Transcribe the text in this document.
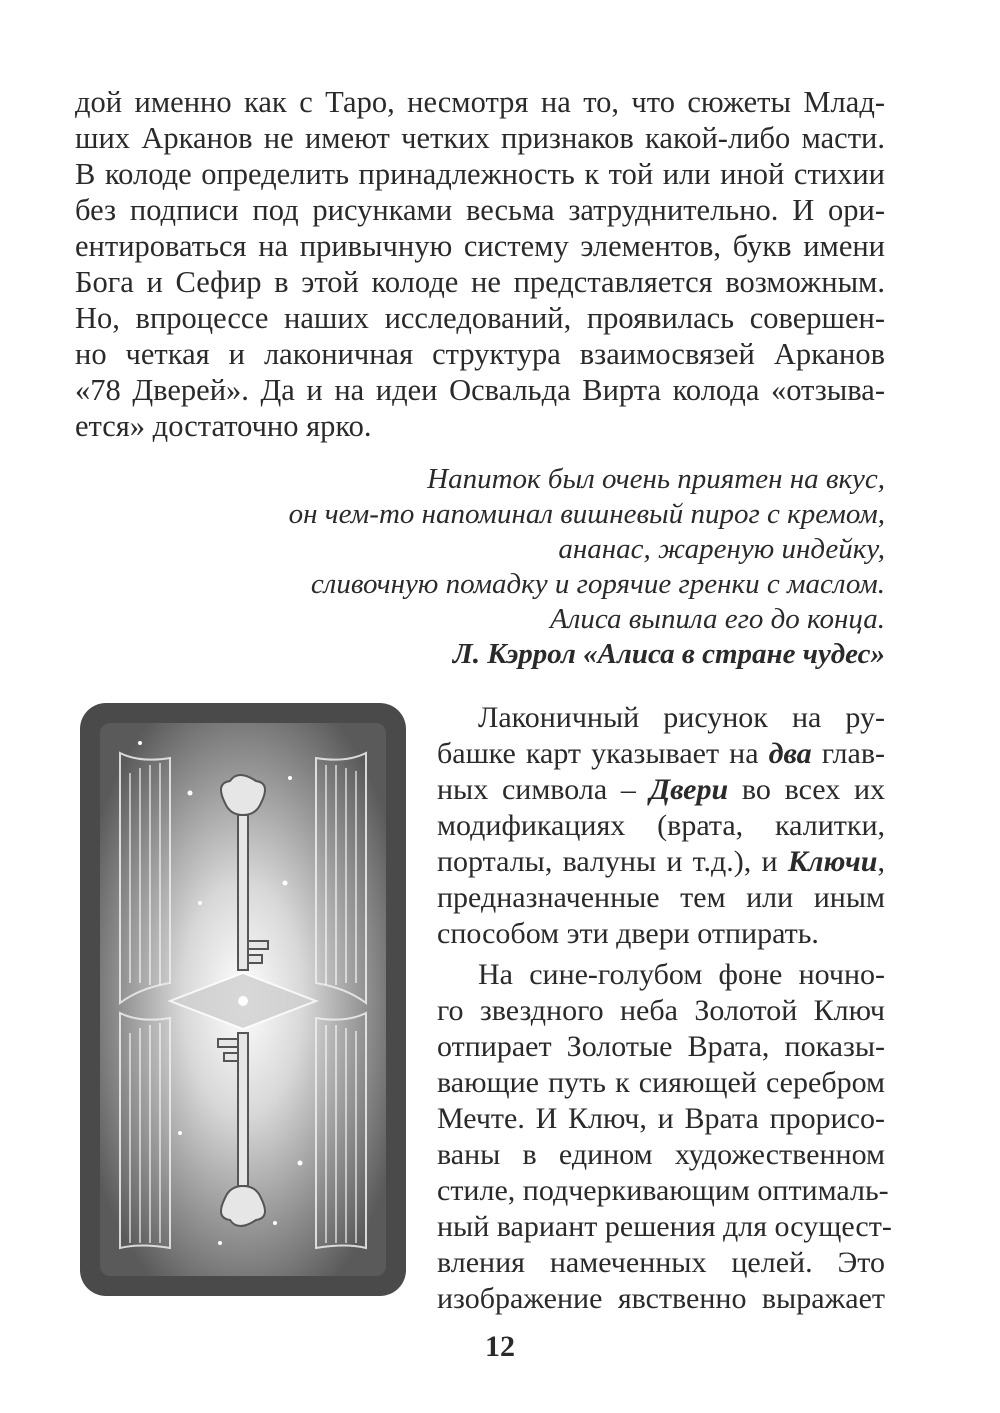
дой именно как с Таро, несмотря на то, что сюжеты Млад-
ших Арканов не имеют четких признаков какой-либо масти.
В колоде определить принадлежность к той или иной стихии
без подписи под рисунками весьма затруднительно. И ори-
ентироваться на привычную систему элементов, букв имени
Бога и Сефир в этой колоде не представляется возможным.
Но, впроцессе наших исследований, проявилась совершен-
но четкая и лаконичная структура взаимосвязей Арканов
«78 Дверей». Да и на идеи Освальда Вирта колода «отзыва-
ется» достаточно ярко.
Напиток был очень приятен на вкус,
он чем-то напоминал вишневый пирог с кремом,
ананас, жареную индейку,
сливочную помадку и горячие гренки с маслом.
Алиса выпила его до конца.
Л. Кэррол «Алиса в стране чудес»
Лаконичный рисунок на ру-
башке карт указывает на два глав-
ных символа – Двери во всех их
модификациях (врата, калитки,
порталы, валуны и т.д.), и Ключи,
предназначенные тем или иным
способом эти двери отпирать.
На сине-голубом фоне ночно-
го звездного неба Золотой Ключ
отпирает Золотые Врата, показы-
вающие путь к сияющей серебром
Мечте. И Ключ, и Врата прорисо-
ваны в едином художественном
стиле, подчеркивающим оптималь-
ный вариант решения для осущест-
вления намеченных целей. Это
изображение явственно выражает
12
